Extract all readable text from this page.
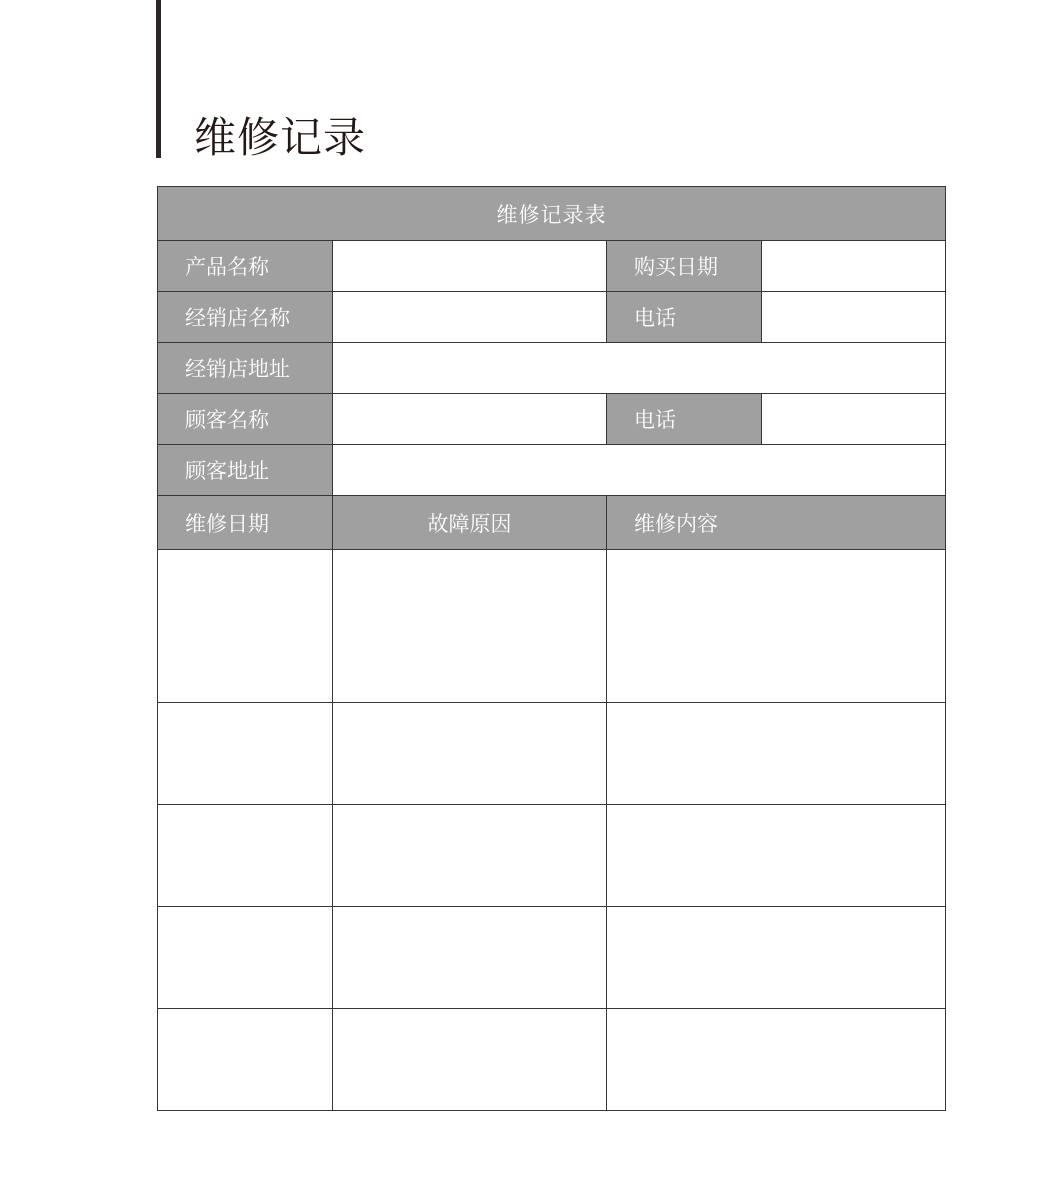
维修记录
维修记录表			
产品名称		购买日期	
经销店名称		电话	
经销店地址			
顾客名称		电话	
顾客地址			
维修日期	故障原因	维修内容	
